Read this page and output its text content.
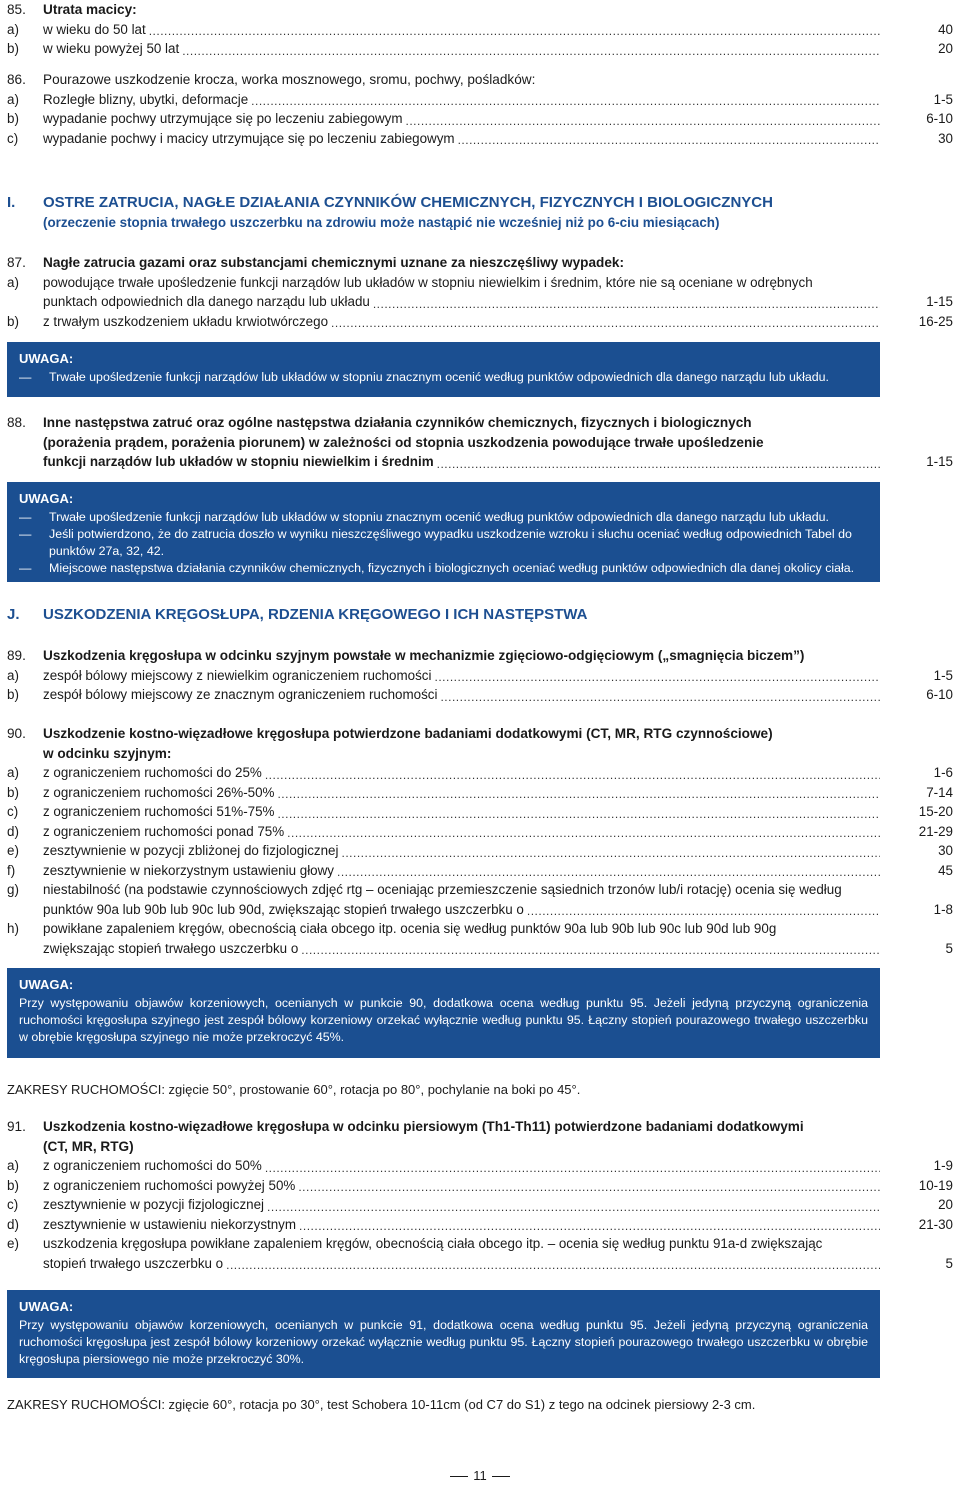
85.	Utrata macicy:
a)	w wieku do 50 lat .....	40
b)	w wieku powyżej 50 lat .....	20
86.	Pourazowe uszkodzenie krocza, worka mosznowego, sromu, pochwy, pośladków:
a)	Rozległe blizny, ubytki, deformacje .....	1-5
b)	wypadanie pochwy utrzymujące się po leczeniu zabiegowym .....	6-10
c)	wypadanie pochwy i macicy utrzymujące się po leczeniu zabiegowym .....	30
I.	OSTRE ZATRUCIA, NAGŁE DZIAŁANIA CZYNNIKÓW CHEMICZNYCH, FIZYCZNYCH I BIOLOGICZNYCH
(orzeczenie stopnia trwałego uszczerbku na zdrowiu może nastąpić nie wcześniej niż po 6-ciu miesiącach)
87.	Nagłe zatrucia gazami oraz substancjami chemicznymi uznane za nieszczęśliwy wypadek:
a)	powodujące trwałe upośledzenie funkcji narządów lub układów w stopniu niewielkim i średnim, które nie są oceniane w odrębnych
punktach odpowiednich dla danego narządu lub układu .....	1-15
b)	z trwałym uszkodzeniem układu krwiotwórczego .....	16-25
UWAGA:
—	Trwałe upośledzenie funkcji narządów lub układów w stopniu znacznym ocenić według punktów odpowiednich dla danego narządu lub układu.
88.	Inne następstwa zatruć oraz ogólne następstwa działania czynników chemicznych, fizycznych i biologicznych
(porażenia prądem, porażenia piorunem) w zależności od stopnia uszkodzenia powodujące trwałe upośledzenie
funkcji narządów lub układów w stopniu niewielkim i średnim .....	1-15
UWAGA:
—	Trwałe upośledzenie funkcji narządów lub układów w stopniu znacznym ocenić według punktów odpowiednich dla danego narządu lub układu.
—	Jeśli potwierdzono, że do zatrucia doszło w wyniku nieszczęśliwego wypadku uszkodzenie wzroku i słuchu oceniać według odpowiednich Tabel do punktów 27a, 32, 42.
—	Miejscowe następstwa działania czynników chemicznych, fizycznych i biologicznych oceniać według punktów odpowiednich dla danej okolicy ciała.
J.	USZKODZENIA KRĘGOSŁUPA, RDZENIA KRĘGOWEGO I ICH NASTĘPSTWA
89.	Uszkodzenia kręgosłupa w odcinku szyjnym powstałe w mechanizmie zgięciowo-odgięciowym („smagnięcia biczem”)
a)	zespół bólowy miejscowy z niewielkim ograniczeniem ruchomości .....	1-5
b)	zespół bólowy miejscowy ze znacznym ograniczeniem ruchomości .....	6-10
90.	Uszkodzenie kostno-więzadłowe kręgosłupa potwierdzone badaniami dodatkowymi (CT, MR, RTG czynnościowe)
w odcinku szyjnym:
a)	z ograniczeniem ruchomości do 25% .....	1-6
b)	z ograniczeniem ruchomości 26%-50% .....	7-14
c)	z ograniczeniem ruchomości 51%-75% .....	15-20
d)	z ograniczeniem ruchomości ponad 75% .....	21-29
e)	zesztywnienie w pozycji zbliżonej do fizjologicznej .....	30
f)	zesztywnienie w niekorzystnym ustawieniu głowy .....	45
g)	niestabilność (na podstawie czynnościowych zdjęć rtg – oceniając przemieszczenie sąsiednich trzonów lub/i rotację) ocenia się według
punktów 90a lub 90b lub 90c lub 90d, zwiększając stopień trwałego uszczerbku o .....	1-8
h)	powikłane zapaleniem kręgów, obecnością ciała obcego itp. ocenia się według punktów 90a lub 90b lub 90c lub 90d lub 90g
zwiększając stopień trwałego uszczerbku o .....	5
UWAGA:

Przy występowaniu objawów korzeniowych, ocenianych w punkcie 90, dodatkowa ocena według punktu 95. Jeżeli jedyną przyczyną ograniczenia ruchomości kręgosłupa szyjnego jest zespół bólowy korzeniowy orzekać wyłącznie według punktu 95. Łączny stopień pourazowego trwałego uszczerbku w obrębie kręgosłupa szyjnego nie może przekroczyć 45%.

ZAKRESY RUCHOMOŚCI: zgięcie 50°, prostowanie 60°, rotacja po 80°, pochylanie na boki po 45°.
91.	Uszkodzenia kostno-więzadłowe kręgosłupa w odcinku piersiowym (Th1-Th11) potwierdzone badaniami dodatkowymi
(CT, MR, RTG)
a)	z ograniczeniem ruchomości do 50% .....	1-9
b)	z ograniczeniem ruchomości powyżej 50% .....	10-19
c)	zesztywnienie w pozycji fizjologicznej .....	20
d)	zesztywnienie w ustawieniu niekorzystnym .....	21-30
e)	uszkodzenia kręgosłupa powikłane zapaleniem kręgów, obecnością ciała obcego itp. – ocenia się według punktu 91a-d zwiększając
stopień trwałego uszczerbku o .....	5
UWAGA:

Przy występowaniu objawów korzeniowych, ocenianych w punkcie 91, dodatkowa ocena według punktu 95. Jeżeli jedyną przyczyną ograniczenia ruchomości kręgosłupa jest zespół bólowy korzeniowy orzekać wyłącznie według punktu 95. Łączny stopień pourazowego trwałego uszczerbku w obrębie kręgosłupa piersiowego nie może przekroczyć 30%.

ZAKRESY RUCHOMOŚCI: zgięcie 60°, rotacja po 30°, test Schobera 10-11cm (od C7 do S1) z tego na odcinek piersiowy 2-3 cm.
11
